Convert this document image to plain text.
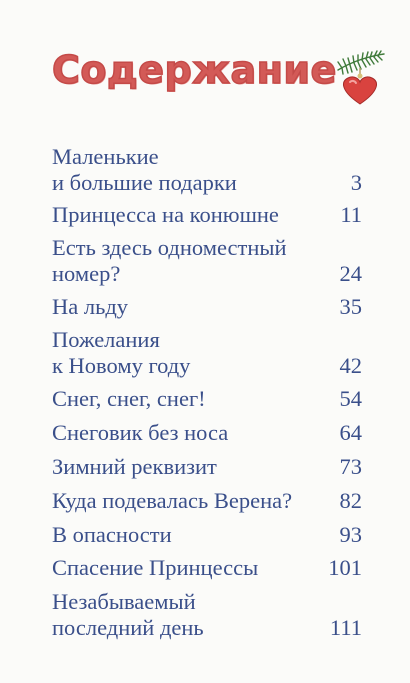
Содержание
Маленькие
и большие подарки	3
Принцесса на конюшне	11
Есть здесь одноместный
номер?	24
На льду	35
Пожелания
к Новому году	42
Снег, снег, снег!	54
Снеговик без носа	64
Зимний реквизит	73
Куда подевалась Верена?	82
В опасности	93
Спасение Принцессы	101
Незабываемый
последний день	111
